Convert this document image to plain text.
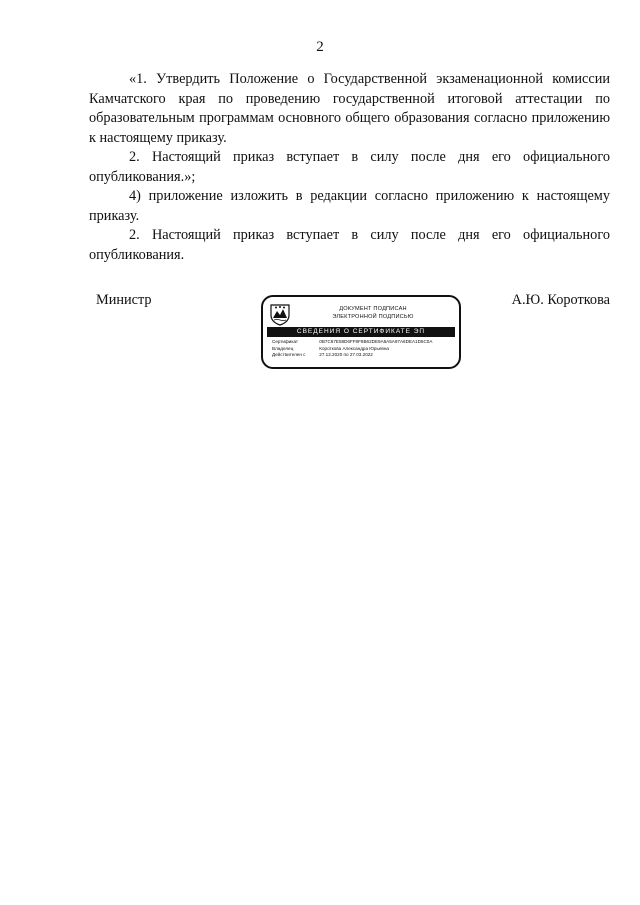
2

«1. Утвердить Положение о Государственной экзаменационной комиссии Камчатского края по проведению государственной итоговой аттестации по образовательным программам основного общего образования согласно приложению к настоящему приказу.

2. Настоящий приказ вступает в силу после дня его официального опубликования.»;

4) приложение изложить в редакции согласно приложению к настоящему приказу.

2. Настоящий приказ вступает в силу после дня его официального опубликования.

Министр
ДОКУМЕНТ ПОДПИСАН
ЭЛЕКТРОННОЙ ПОДПИСЬЮ
СВЕДЕНИЯ О СЕРТИФИКАТЕ ЭП
Сертификат	0B7C67E58D6FF8F8B62DE9A8A5A97A6DEA1D5C0A
Владелец	Короткова Александра Юрьевна
Действителен с	27.12.2020 по 27.03.2022
А.Ю. Короткова
